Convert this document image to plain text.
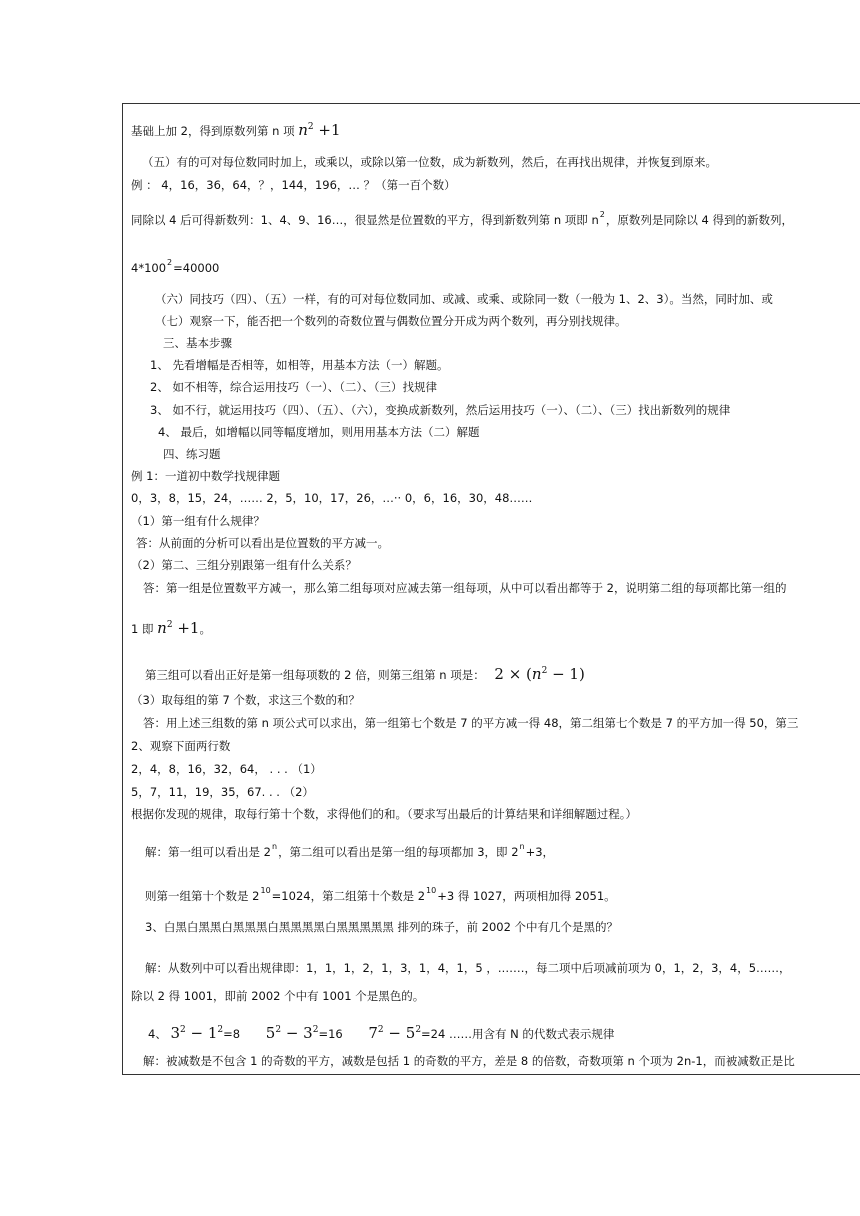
基础上加 2，得到原数列第 n 项 $n^2 +1$
（五）有的可对每位数同时加上，或乘以，或除以第一位数，成为新数列，然后，在再找出规律，并恢复到原来。
例 ： 4，16，36，64，？，144，196，… ？（第一百个数）
同除以 4 后可得新数列：1、4、9、16…，很显然是位置数的平方，得到新数列第 n 项即 $n^2$，原数列是同除以 4 得到的新数列，
$4*100^2=40000$
（六）同技巧（四）、（五）一样，有的可对每位数同加、或减、或乘、或除同一数（一般为 1、2、3）。当然，同时加、或
（七）观察一下，能否把一个数列的奇数位置与偶数位置分开成为两个数列，再分别找规律。
三、基本步骤
1、 先看增幅是否相等，如相等，用基本方法（一）解题。
2、 如不相等，综合运用技巧（一）、（二）、（三）找规律
3、 如不行，就运用技巧（四）、（五）、（六），变换成新数列，然后运用技巧（一）、（二）、（三）找出新数列的规律
4、 最后，如增幅以同等幅度增加，则用用基本方法（二）解题
四、练习题
例 1：一道初中数学找规律题
0，3，8，15，24，…… 2，5，10，17，26，…·· 0，6，16，30，48……
（1）第一组有什么规律？
答：从前面的分析可以看出是位置数的平方减一。
（2）第二、三组分别跟第一组有什么关系？
答：第一组是位置数平方减一，那么第二组每项对应减去第一组每项，从中可以看出都等于 2，说明第二组的每项都比第一组的
1 即 $n^2 +1$。
第三组可以看出正好是第一组每项数的 2 倍，则第三组第 n 项是： $2 \times (n^2 - 1)$
（3）取每组的第 7 个数，求这三个数的和？
答：用上述三组数的第 n 项公式可以求出，第一组第七个数是 7 的平方减一得 48，第二组第七个数是 7 的平方加一得 50，第三
2、观察下面两行数
2，4，8，16，32，64， . . . （1）
5，7，11，19，35，67. . . （2）
根据你发现的规律，取每行第十个数，求得他们的和。（要求写出最后的计算结果和详细解题过程。）
解：第一组可以看出是 2$^n$，第二组可以看出是第一组的每项都加 3，即 $2^n+3$，
则第一组第十个数是 $2^{10}=1024$，第二组第十个数是 $2^{10}+3$ 得 1027，两项相加得 2051。
3、白黑白黑黑白黑黑黑白黑黑黑黑白黑黑黑黑黑 排列的珠子，前 2002 个中有几个是黑的？
解：从数列中可以看出规律即：1，1，1，2，1，3，1，4，1，5 ，.……，每二项中后项减前项为 0，1，2，3，4，5……，
除以 2 得 1001，即前 2002 个中有 1001 个是黑色的。
4、 $3^2 - 1^2=8$ $5^2 - 3^2=16$ $7^2 - 5^2=24$ ……用含有 N 的代数式表示规律
解：被减数是不包含 1 的奇数的平方，减数是包括 1 的奇数的平方，差是 8 的倍数，奇数项第 n 个项为 2n-1，而被减数正是比
